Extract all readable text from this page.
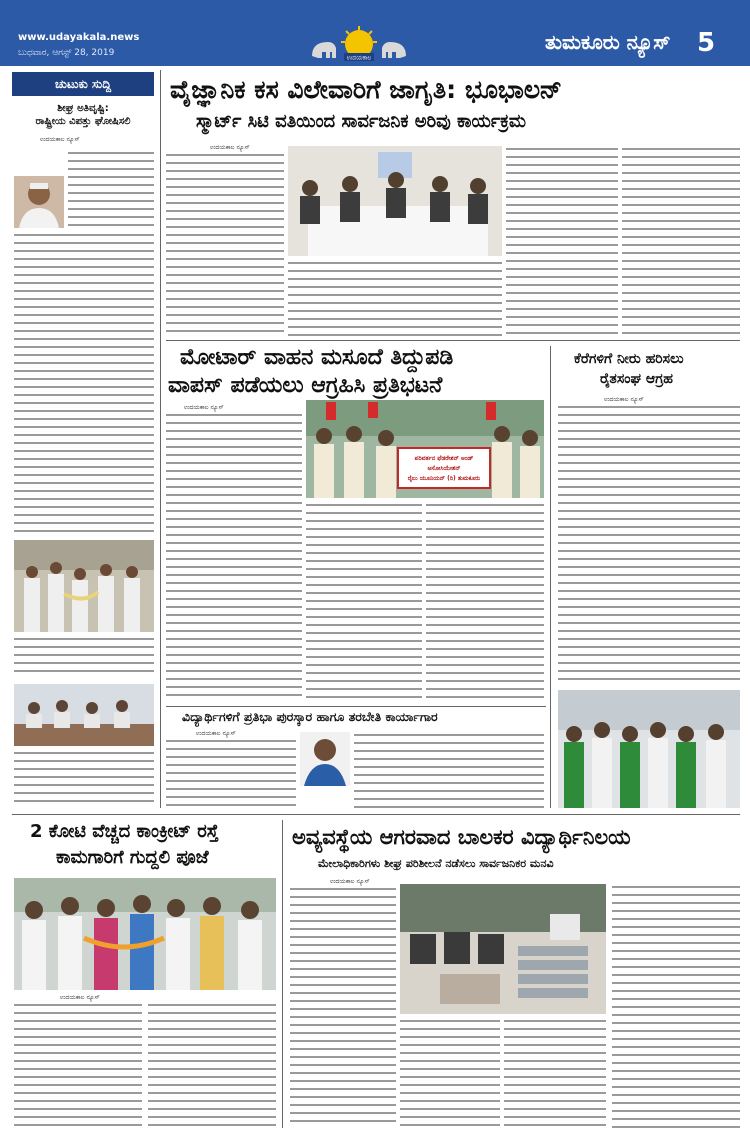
www.udayakala.news
ಬುಧವಾರ, ಆಗಸ್ಟ್ 28, 2019	ಉದಯಕಾಲ
ತುಮಕೂರು ನ್ಯೂಸ್ 5
ಚುಟುಕು ಸುದ್ದಿ
ಶೀಘ್ರ ಅತಿವೃಷ್ಟಿ:
ರಾಷ್ಟ್ರೀಯ ವಿಪತ್ತು ಘೋಷಿಸಲಿ
ಉದಯಕಾಲ ನ್ಯೂಸ್
ವೈಜ್ಞಾನಿಕ ಕಸ ವಿಲೇವಾರಿಗೆ ಜಾಗೃತಿ: ಭೂಭಾಲನ್
ಸ್ಮಾರ್ಟ್ ಸಿಟಿ ವತಿಯಿಂದ ಸಾರ್ವಜನಿಕ ಅರಿವು ಕಾರ್ಯಕ್ರಮ
ಉದಯಕಾಲ ನ್ಯೂಸ್
ಮೋಟಾರ್ ವಾಹನ ಮಸೂದೆ ತಿದ್ದುಪಡಿ
ವಾಪಸ್ ಪಡೆಯಲು ಆಗ್ರಹಿಸಿ ಪ್ರತಿಭಟನೆ
ಉದಯಕಾಲ ನ್ಯೂಸ್
ಪರಿವರ್ತನ ಫೆಡರೇಶನ್ ಅಂಡ್ ಅಸೋಸಿಯೇಶನ್
ರೈಲು ಯೂನಿಯನ್ (ರಿ) ತುಮಕೂರು
ಕೆರೆಗಳಿಗೆ ನೀರು ಹರಿಸಲು
ರೈತಸಂಘ ಆಗ್ರಹ
ಉದಯಕಾಲ ನ್ಯೂಸ್
ವಿದ್ಯಾರ್ಥಿಗಳಿಗೆ ಪ್ರತಿಭಾ ಪುರಸ್ಕಾರ ಹಾಗೂ ತರಬೇತಿ ಕಾರ್ಯಾಗಾರ
ಉದಯಕಾಲ ನ್ಯೂಸ್
2 ಕೋಟಿ ವೆಚ್ಚದ ಕಾಂಕ್ರೀಟ್ ರಸ್ತೆ
ಕಾಮಗಾರಿಗೆ ಗುದ್ದಲಿ ಪೂಜೆ
ಉದಯಕಾಲ ನ್ಯೂಸ್
ಅವ್ಯವಸ್ಥೆಯ ಆಗರವಾದ ಬಾಲಕರ ವಿದ್ಯಾರ್ಥಿನಿಲಯ
ಮೇಲಾಧಿಕಾರಿಗಳು ಶೀಘ್ರ ಪರಿಶೀಲನೆ ನಡೆಸಲು ಸಾರ್ವಜನಿಕರ ಮನವಿ
ಉದಯಕಾಲ ನ್ಯೂಸ್
